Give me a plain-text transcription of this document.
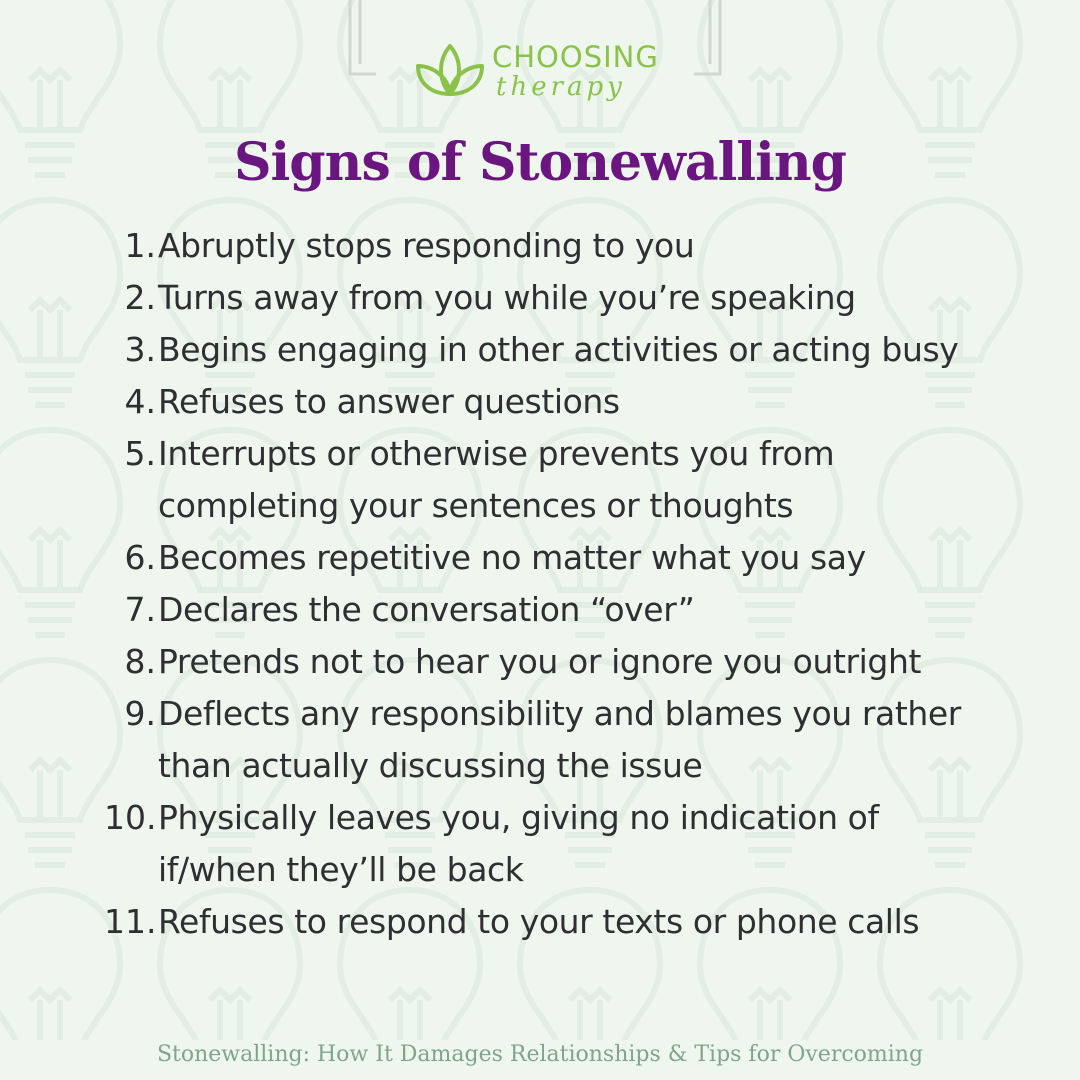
CHOOSING
therapy
Signs of Stonewalling
1. Abruptly stops responding to you
2. Turns away from you while you’re speaking
3. Begins engaging in other activities or acting busy
4. Refuses to answer questions
5. Interrupts or otherwise prevents you from completing your sentences or thoughts
6. Becomes repetitive no matter what you say
7. Declares the conversation “over”
8. Pretends not to hear you or ignore you outright
9. Deflects any responsibility and blames you rather than actually discussing the issue
10. Physically leaves you, giving no indication of if/when they’ll be back
11. Refuses to respond to your texts or phone calls
Stonewalling: How It Damages Relationships & Tips for Overcoming
